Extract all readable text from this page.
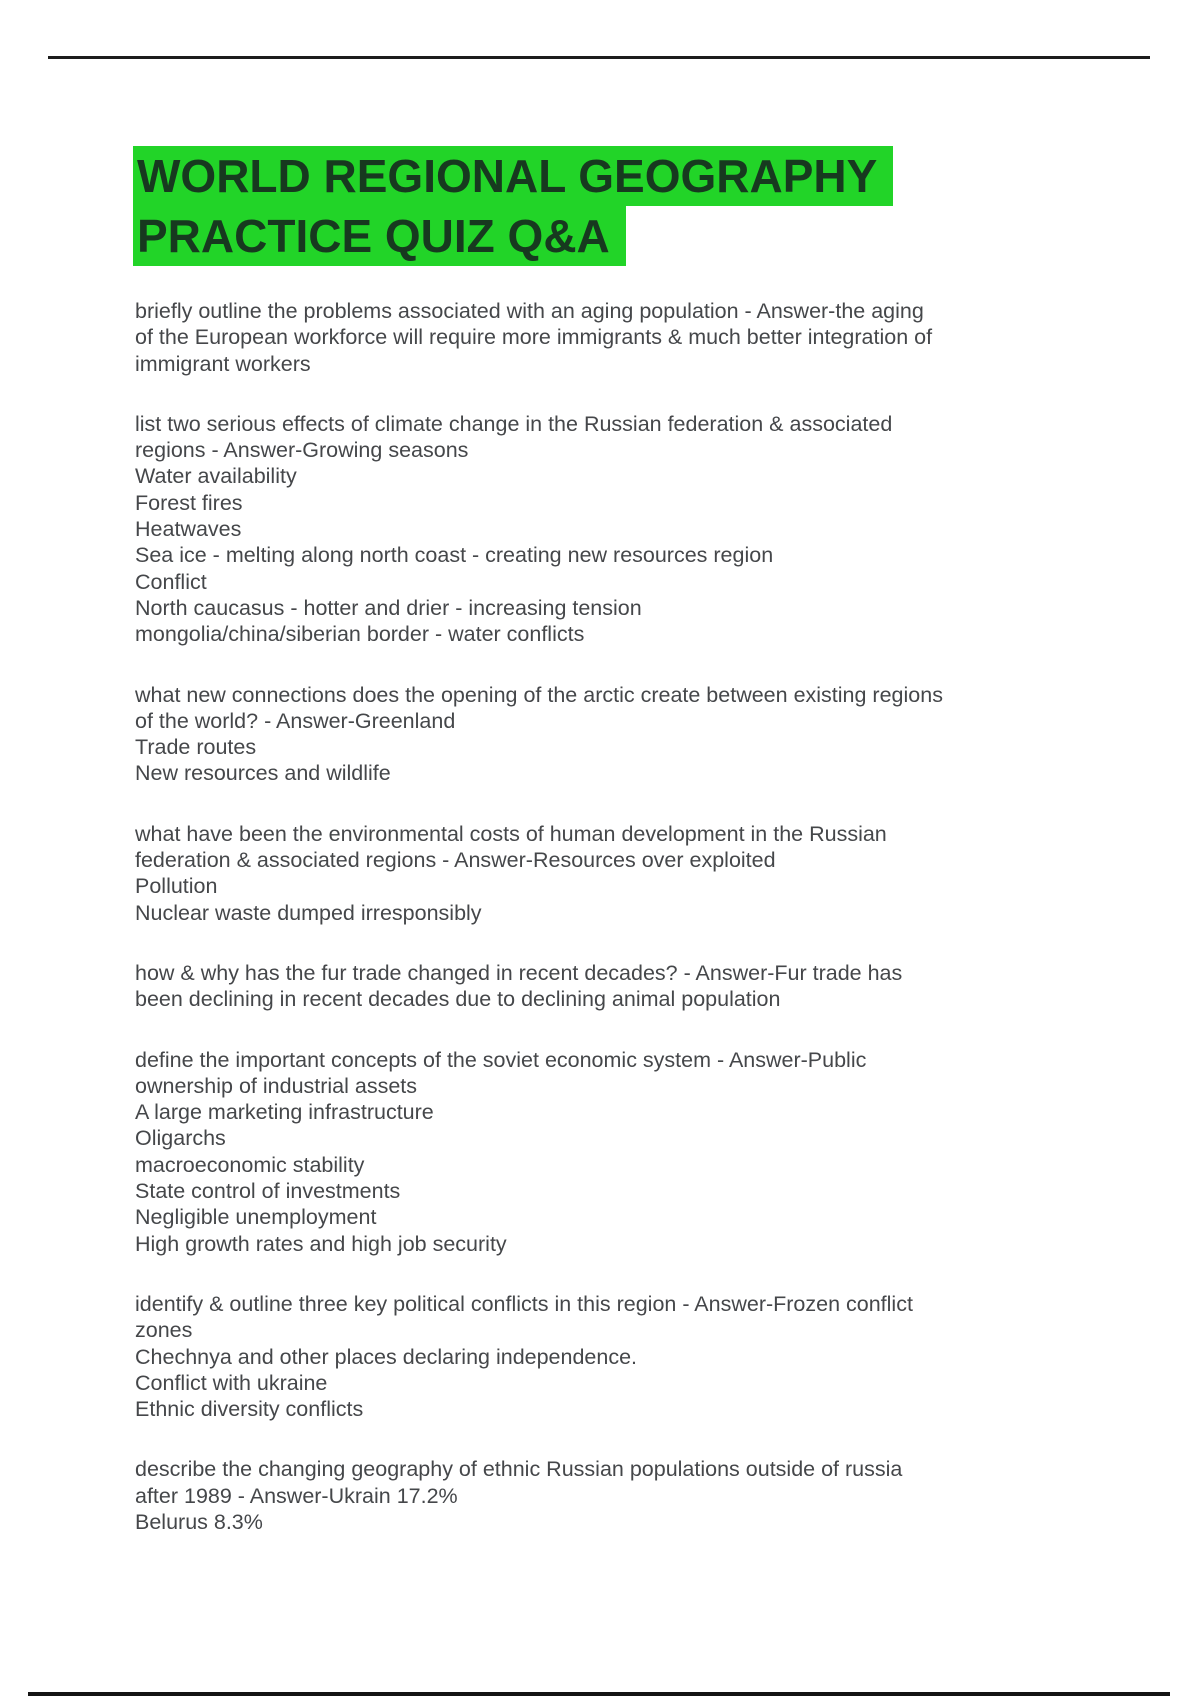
WORLD REGIONAL GEOGRAPHY
PRACTICE QUIZ Q&A

briefly outline the problems associated with an aging population - Answer-the aging
of the European workforce will require more immigrants & much better integration of
immigrant workers

list two serious effects of climate change in the Russian federation & associated
regions - Answer-Growing seasons
Water availability
Forest fires
Heatwaves
Sea ice - melting along north coast - creating new resources region
Conflict
North caucasus - hotter and drier - increasing tension
mongolia/china/siberian border - water conflicts

what new connections does the opening of the arctic create between existing regions
of the world? - Answer-Greenland
Trade routes
New resources and wildlife

what have been the environmental costs of human development in the Russian
federation & associated regions - Answer-Resources over exploited
Pollution
Nuclear waste dumped irresponsibly

how & why has the fur trade changed in recent decades? - Answer-Fur trade has
been declining in recent decades due to declining animal population

define the important concepts of the soviet economic system - Answer-Public
ownership of industrial assets
A large marketing infrastructure
Oligarchs
macroeconomic stability
State control of investments
Negligible unemployment
High growth rates and high job security

identify & outline three key political conflicts in this region - Answer-Frozen conflict
zones
Chechnya and other places declaring independence.
Conflict with ukraine
Ethnic diversity conflicts

describe the changing geography of ethnic Russian populations outside of russia
after 1989 - Answer-Ukrain 17.2%
Belurus 8.3%
